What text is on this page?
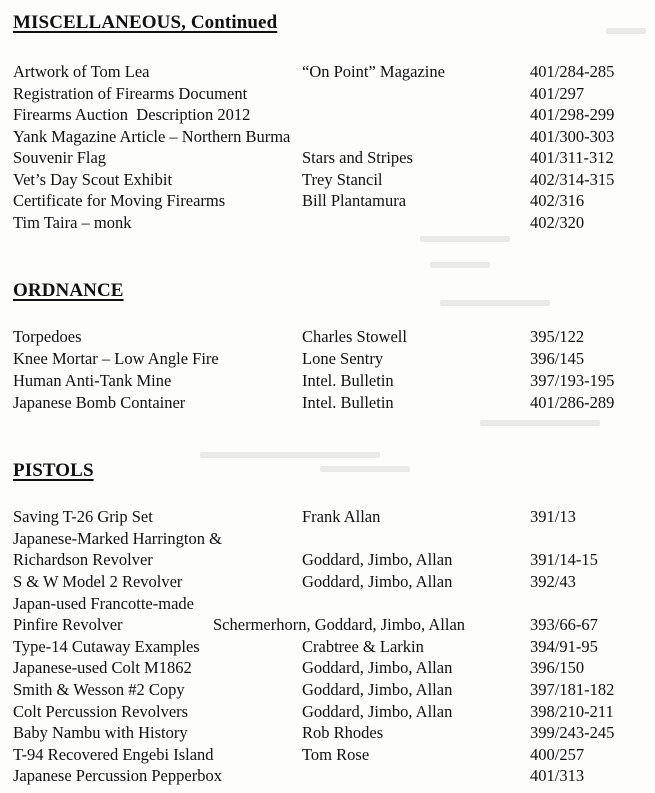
MISCELLANEOUS, Continued
Artwork of Tom Lea	“On Point” Magazine	401/284-285
Registration of Firearms Document	401/297
Firearms Auction  Description 2012	401/298-299
Yank Magazine Article – Northern Burma	401/300-303
Souvenir Flag	Stars and Stripes	401/311-312
Vet’s Day Scout Exhibit	Trey Stancil	402/314-315
Certificate for Moving Firearms	Bill Plantamura	402/316
Tim Taira – monk	402/320
ORDNANCE
Torpedoes	Charles Stowell	395/122
Knee Mortar – Low Angle Fire	Lone Sentry	396/145
Human Anti-Tank Mine	Intel. Bulletin	397/193-195
Japanese Bomb Container	Intel. Bulletin	401/286-289
PISTOLS
Saving T-26 Grip Set	Frank Allan	391/13
Japanese-Marked Harrington &
Richardson Revolver	Goddard, Jimbo, Allan	391/14-15
S & W Model 2 Revolver	Goddard, Jimbo, Allan	392/43
Japan-used Francotte-made
Pinfire Revolver	Schermerhorn, Goddard, Jimbo, Allan	393/66-67
Type-14 Cutaway Examples	Crabtree & Larkin	394/91-95
Japanese-used Colt M1862	Goddard, Jimbo, Allan	396/150
Smith & Wesson #2 Copy	Goddard, Jimbo, Allan	397/181-182
Colt Percussion Revolvers	Goddard, Jimbo, Allan	398/210-211
Baby Nambu with History	Rob Rhodes	399/243-245
T-94 Recovered Engebi Island	Tom Rose	400/257
Japanese Percussion Pepperbox	401/313
